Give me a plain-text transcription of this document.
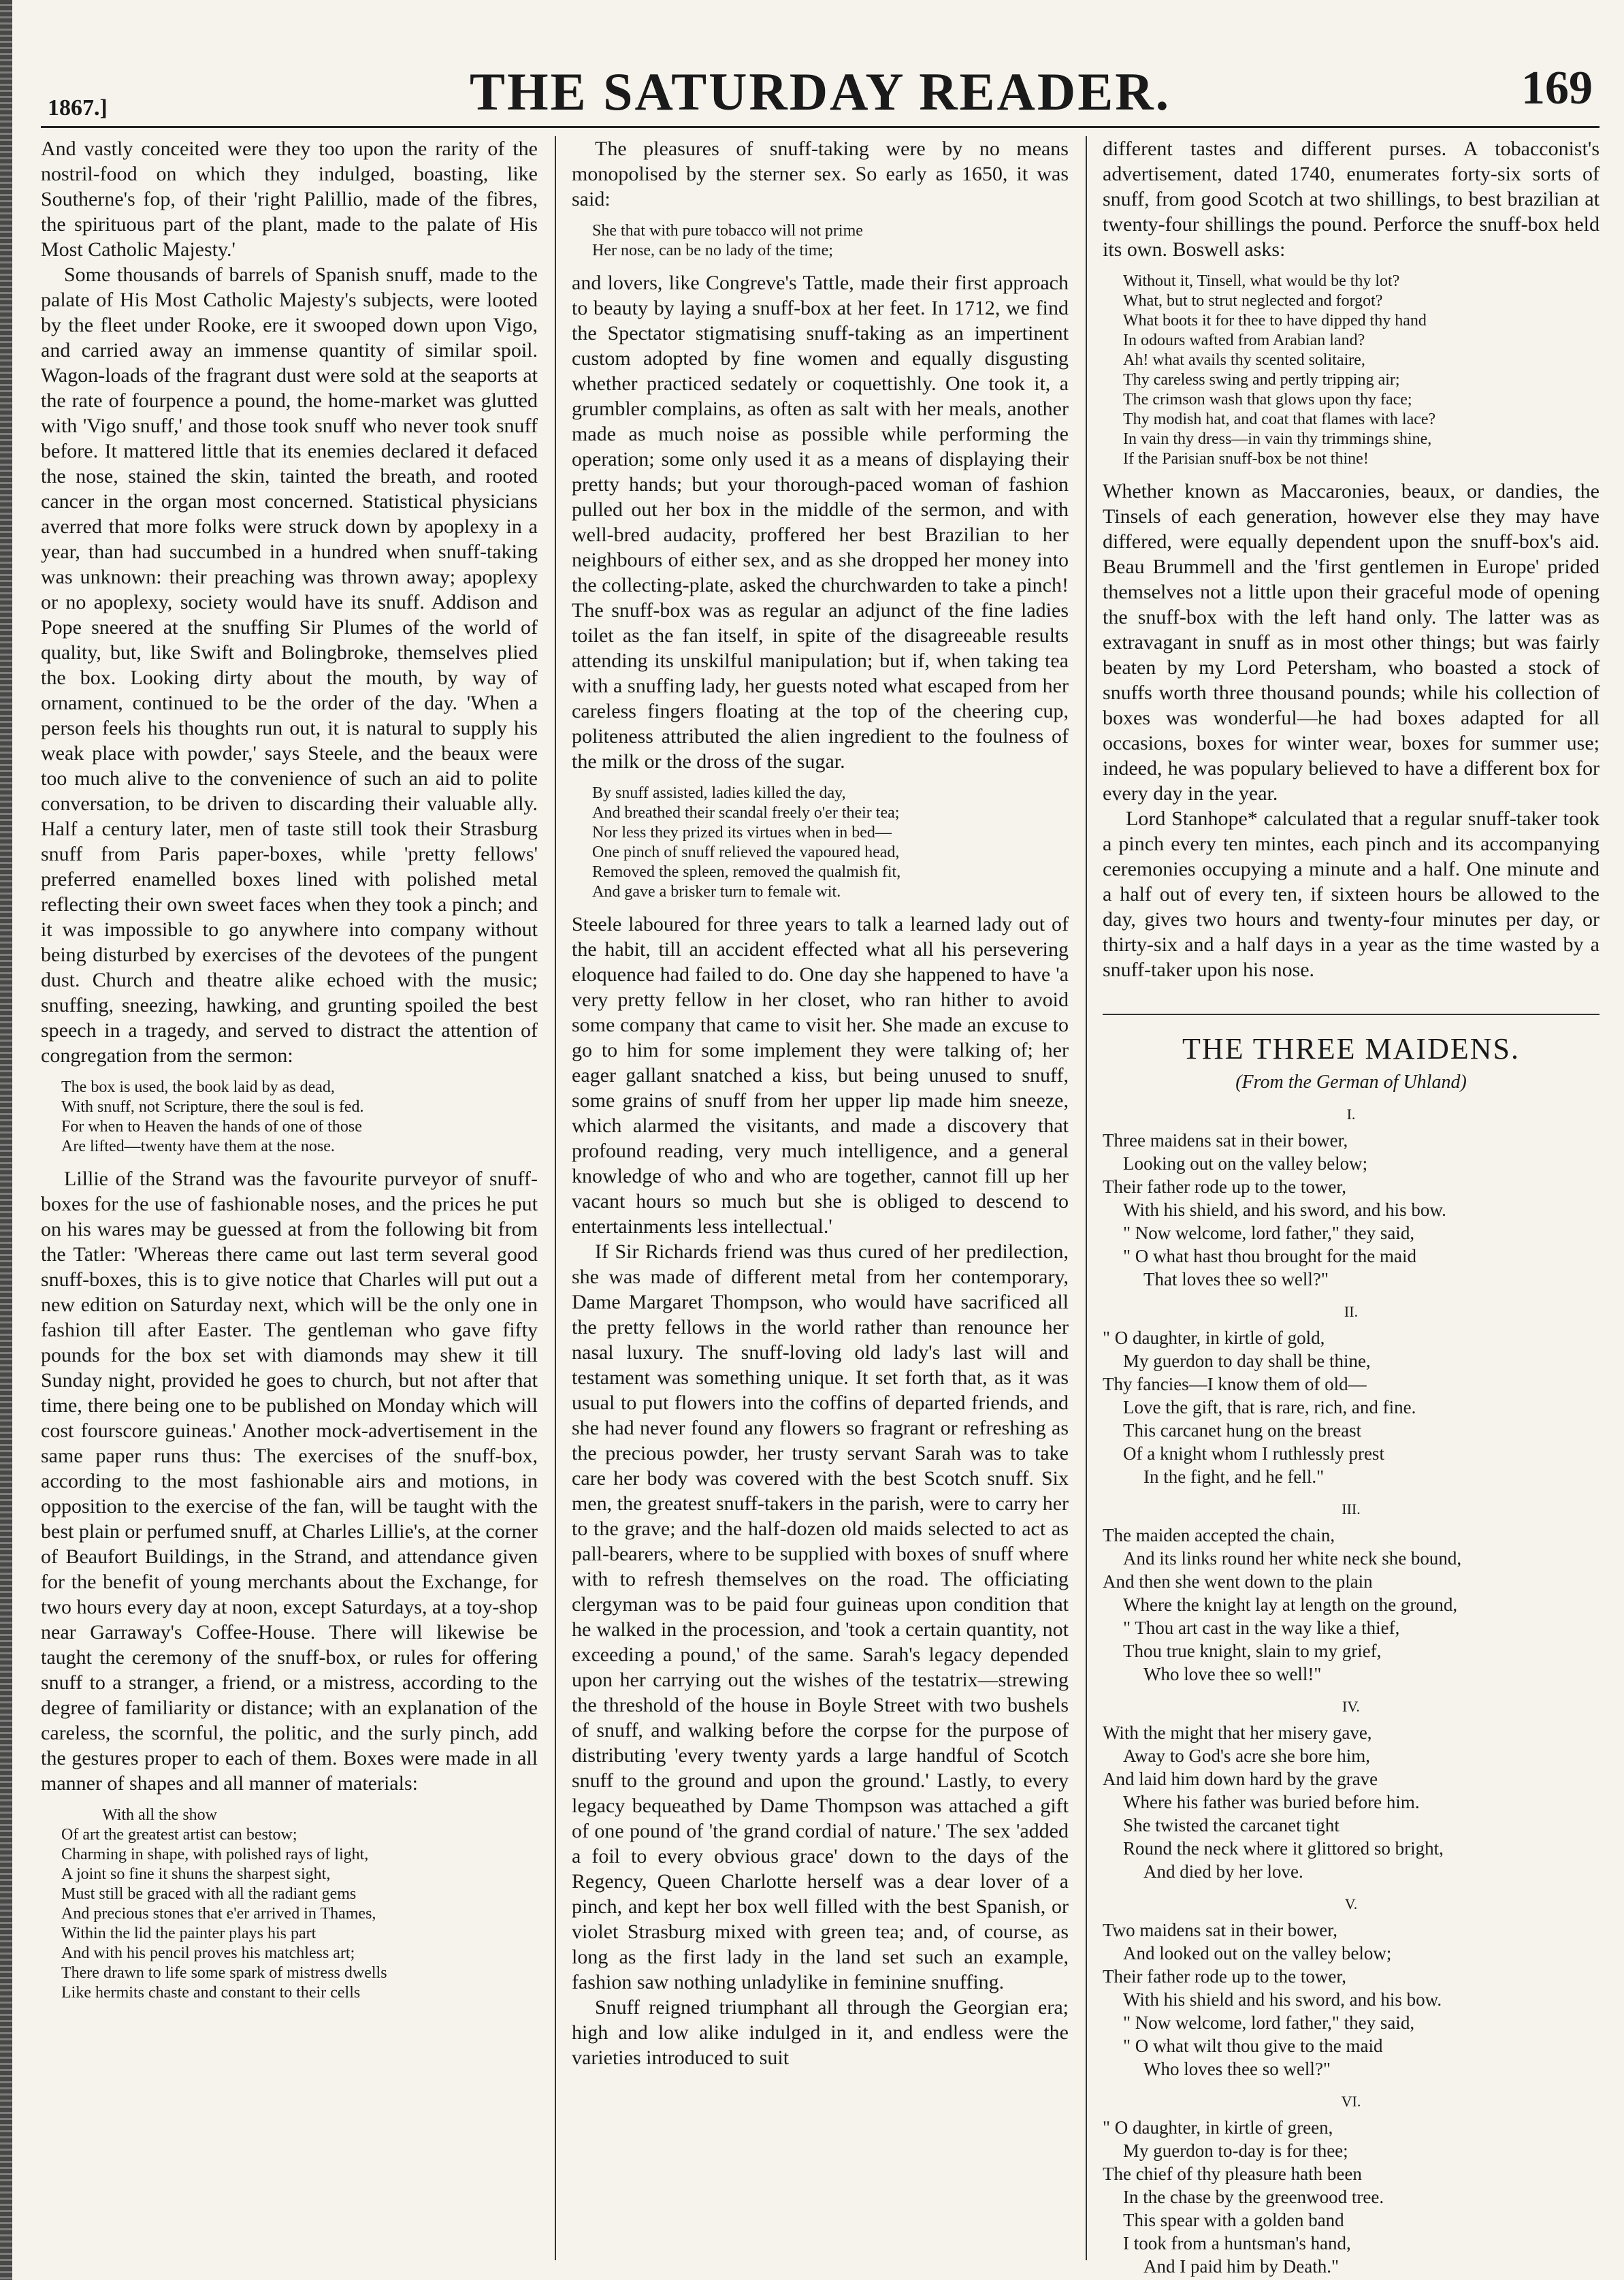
1867.]	THE SATURDAY READER.	169

And vastly conceited were they too upon the rarity of the nostril-food on which they indulged, boasting, like Southerne's fop, of their 'right Palillio, made of the fibres, the spirituous part of the plant, made to the palate of His Most Catholic Majesty.'

Some thousands of barrels of Spanish snuff, made to the palate of His Most Catholic Majesty's subjects, were looted by the fleet under Rooke, ere it swooped down upon Vigo, and carried away an immense quantity of similar spoil. Wagon-loads of the fragrant dust were sold at the seaports at the rate of fourpence a pound, the home-market was glutted with 'Vigo snuff,' and those took snuff who never took snuff before. It mattered little that its enemies declared it defaced the nose, stained the skin, tainted the breath, and rooted cancer in the organ most concerned. Statistical physicians averred that more folks were struck down by apoplexy in a year, than had succumbed in a hundred when snuff-taking was unknown: their preaching was thrown away; apoplexy or no apoplexy, society would have its snuff. Addison and Pope sneered at the snuffing Sir Plumes of the world of quality, but, like Swift and Bolingbroke, themselves plied the box. Looking dirty about the mouth, by way of ornament, continued to be the order of the day. 'When a person feels his thoughts run out, it is natural to supply his weak place with powder,' says Steele, and the beaux were too much alive to the convenience of such an aid to polite conversation, to be driven to discarding their valuable ally. Half a century later, men of taste still took their Strasburg snuff from Paris paper-boxes, while 'pretty fellows' preferred enamelled boxes lined with polished metal reflecting their own sweet faces when they took a pinch; and it was impossible to go anywhere into company without being disturbed by exercises of the devotees of the pungent dust. Church and theatre alike echoed with the music; snuffing, sneezing, hawking, and grunting spoiled the best speech in a tragedy, and served to distract the attention of congregation from the sermon:

The box is used, the book laid by as dead,
With snuff, not Scripture, there the soul is fed.
For when to Heaven the hands of one of those
Are lifted—twenty have them at the nose.

Lillie of the Strand was the favourite purveyor of snuff-boxes for the use of fashionable noses, and the prices he put on his wares may be guessed at from the following bit from the Tatler: 'Whereas there came out last term several good snuff-boxes, this is to give notice that Charles will put out a new edition on Saturday next, which will be the only one in fashion till after Easter. The gentleman who gave fifty pounds for the box set with diamonds may shew it till Sunday night, provided he goes to church, but not after that time, there being one to be published on Monday which will cost fourscore guineas.' Another mock-advertisement in the same paper runs thus: The exercises of the snuff-box, according to the most fashionable airs and motions, in opposition to the exercise of the fan, will be taught with the best plain or perfumed snuff, at Charles Lillie's, at the corner of Beaufort Buildings, in the Strand, and attendance given for the benefit of young merchants about the Exchange, for two hours every day at noon, except Saturdays, at a toy-shop near Garraway's Coffee-House. There will likewise be taught the ceremony of the snuff-box, or rules for offering snuff to a stranger, a friend, or a mistress, according to the degree of familiarity or distance; with an explanation of the careless, the scornful, the politic, and the surly pinch, add the gestures proper to each of them. Boxes were made in all manner of shapes and all manner of materials:

With all the show
Of art the greatest artist can bestow;
Charming in shape, with polished rays of light,
A joint so fine it shuns the sharpest sight,
Must still be graced with all the radiant gems
And precious stones that e'er arrived in Thames,
Within the lid the painter plays his part
And with his pencil proves his matchless art;
There drawn to life some spark of mistress dwells
Like hermits chaste and constant to their cells

The pleasures of snuff-taking were by no means monopolised by the sterner sex. So early as 1650, it was said:

She that with pure tobacco will not prime
Her nose, can be no lady of the time;

and lovers, like Congreve's Tattle, made their first approach to beauty by laying a snuff-box at her feet. In 1712, we find the Spectator stigmatising snuff-taking as an impertinent custom adopted by fine women and equally disgusting whether practiced sedately or coquettishly. One took it, a grumbler complains, as often as salt with her meals, another made as much noise as possible while performing the operation; some only used it as a means of displaying their pretty hands; but your thorough-paced woman of fashion pulled out her box in the middle of the sermon, and with well-bred audacity, proffered her best Brazilian to her neighbours of either sex, and as she dropped her money into the collecting-plate, asked the churchwarden to take a pinch! The snuff-box was as regular an adjunct of the fine ladies toilet as the fan itself, in spite of the disagreeable results attending its unskilful manipulation; but if, when taking tea with a snuffing lady, her guests noted what escaped from her careless fingers floating at the top of the cheering cup, politeness attributed the alien ingredient to the foulness of the milk or the dross of the sugar.

By snuff assisted, ladies killed the day,
And breathed their scandal freely o'er their tea;
Nor less they prized its virtues when in bed—
One pinch of snuff relieved the vapoured head,
Removed the spleen, removed the qualmish fit,
And gave a brisker turn to female wit.

Steele laboured for three years to talk a learned lady out of the habit, till an accident effected what all his persevering eloquence had failed to do. One day she happened to have 'a very pretty fellow in her closet, who ran hither to avoid some company that came to visit her. She made an excuse to go to him for some implement they were talking of; her eager gallant snatched a kiss, but being unused to snuff, some grains of snuff from her upper lip made him sneeze, which alarmed the visitants, and made a discovery that profound reading, very much intelligence, and a general knowledge of who and who are together, cannot fill up her vacant hours so much but she is obliged to descend to entertainments less intellectual.'

If Sir Richards friend was thus cured of her predilection, she was made of different metal from her contemporary, Dame Margaret Thompson, who would have sacrificed all the pretty fellows in the world rather than renounce her nasal luxury. The snuff-loving old lady's last will and testament was something unique. It set forth that, as it was usual to put flowers into the coffins of departed friends, and she had never found any flowers so fragrant or refreshing as the precious powder, her trusty servant Sarah was to take care her body was covered with the best Scotch snuff. Six men, the greatest snuff-takers in the parish, were to carry her to the grave; and the half-dozen old maids selected to act as pall-bearers, where to be supplied with boxes of snuff where with to refresh themselves on the road. The officiating clergyman was to be paid four guineas upon condition that he walked in the procession, and 'took a certain quantity, not exceeding a pound,' of the same. Sarah's legacy depended upon her carrying out the wishes of the testatrix—strewing the threshold of the house in Boyle Street with two bushels of snuff, and walking before the corpse for the purpose of distributing 'every twenty yards a large handful of Scotch snuff to the ground and upon the ground.' Lastly, to every legacy bequeathed by Dame Thompson was attached a gift of one pound of 'the grand cordial of nature.' The sex 'added a foil to every obvious grace' down to the days of the Regency, Queen Charlotte herself was a dear lover of a pinch, and kept her box well filled with the best Spanish, or violet Strasburg mixed with green tea; and, of course, as long as the first lady in the land set such an example, fashion saw nothing unladylike in feminine snuffing.

Snuff reigned triumphant all through the Georgian era; high and low alike indulged in it, and endless were the varieties introduced to suit

different tastes and different purses. A tobacconist's advertisement, dated 1740, enumerates forty-six sorts of snuff, from good Scotch at two shillings, to best brazilian at twenty-four shillings the pound. Perforce the snuff-box held its own. Boswell asks:

Without it, Tinsell, what would be thy lot?
What, but to strut neglected and forgot?
What boots it for thee to have dipped thy hand
In odours wafted from Arabian land?
Ah! what avails thy scented solitaire,
Thy careless swing and pertly tripping air;
The crimson wash that glows upon thy face;
Thy modish hat, and coat that flames with lace?
In vain thy dress—in vain thy trimmings shine,
If the Parisian snuff-box be not thine!

Whether known as Maccaronies, beaux, or dandies, the Tinsels of each generation, however else they may have differed, were equally dependent upon the snuff-box's aid. Beau Brummell and the 'first gentlemen in Europe' prided themselves not a little upon their graceful mode of opening the snuff-box with the left hand only. The latter was as extravagant in snuff as in most other things; but was fairly beaten by my Lord Petersham, who boasted a stock of snuffs worth three thousand pounds; while his collection of boxes was wonderful—he had boxes adapted for all occasions, boxes for winter wear, boxes for summer use; indeed, he was populary believed to have a different box for every day in the year.

Lord Stanhope* calculated that a regular snuff-taker took a pinch every ten mintes, each pinch and its accompanying ceremonies occupying a minute and a half. One minute and a half out of every ten, if sixteen hours be allowed to the day, gives two hours and twenty-four minutes per day, or thirty-six and a half days in a year as the time wasted by a snuff-taker upon his nose.

THE THREE MAIDENS.
(From the German of Uhland)
I.
Three maidens sat in their bower,
Looking out on the valley below;
Their father rode up to the tower,
With his shield, and his sword, and his bow.
" Now welcome, lord father," they said,
" O what hast thou brought for the maid
That loves thee so well?"
II.
" O daughter, in kirtle of gold,
My guerdon to day shall be thine,
Thy fancies—I know them of old—
Love the gift, that is rare, rich, and fine.
This carcanet hung on the breast
Of a knight whom I ruthlessly prest
In the fight, and he fell."
III.
The maiden accepted the chain,
And its links round her white neck she bound,
And then she went down to the plain
Where the knight lay at length on the ground,
" Thou art cast in the way like a thief,
Thou true knight, slain to my grief,
Who love thee so well!"
IV.
With the might that her misery gave,
Away to God's acre she bore him,
And laid him down hard by the grave
Where his father was buried before him.
She twisted the carcanet tight
Round the neck where it glittored so bright,
And died by her love.
V.
Two maidens sat in their bower,
And looked out on the valley below;
Their father rode up to the tower,
With his shield and his sword, and his bow.
" Now welcome, lord father," they said,
" O what wilt thou give to the maid
Who loves thee so well?"
VI.
" O daughter, in kirtle of green,
My guerdon to-day is for thee;
The chief of thy pleasure hath been
In the chase by the greenwood tree.
This spear with a golden band
I took from a huntsman's hand,
And I paid him by Death."
